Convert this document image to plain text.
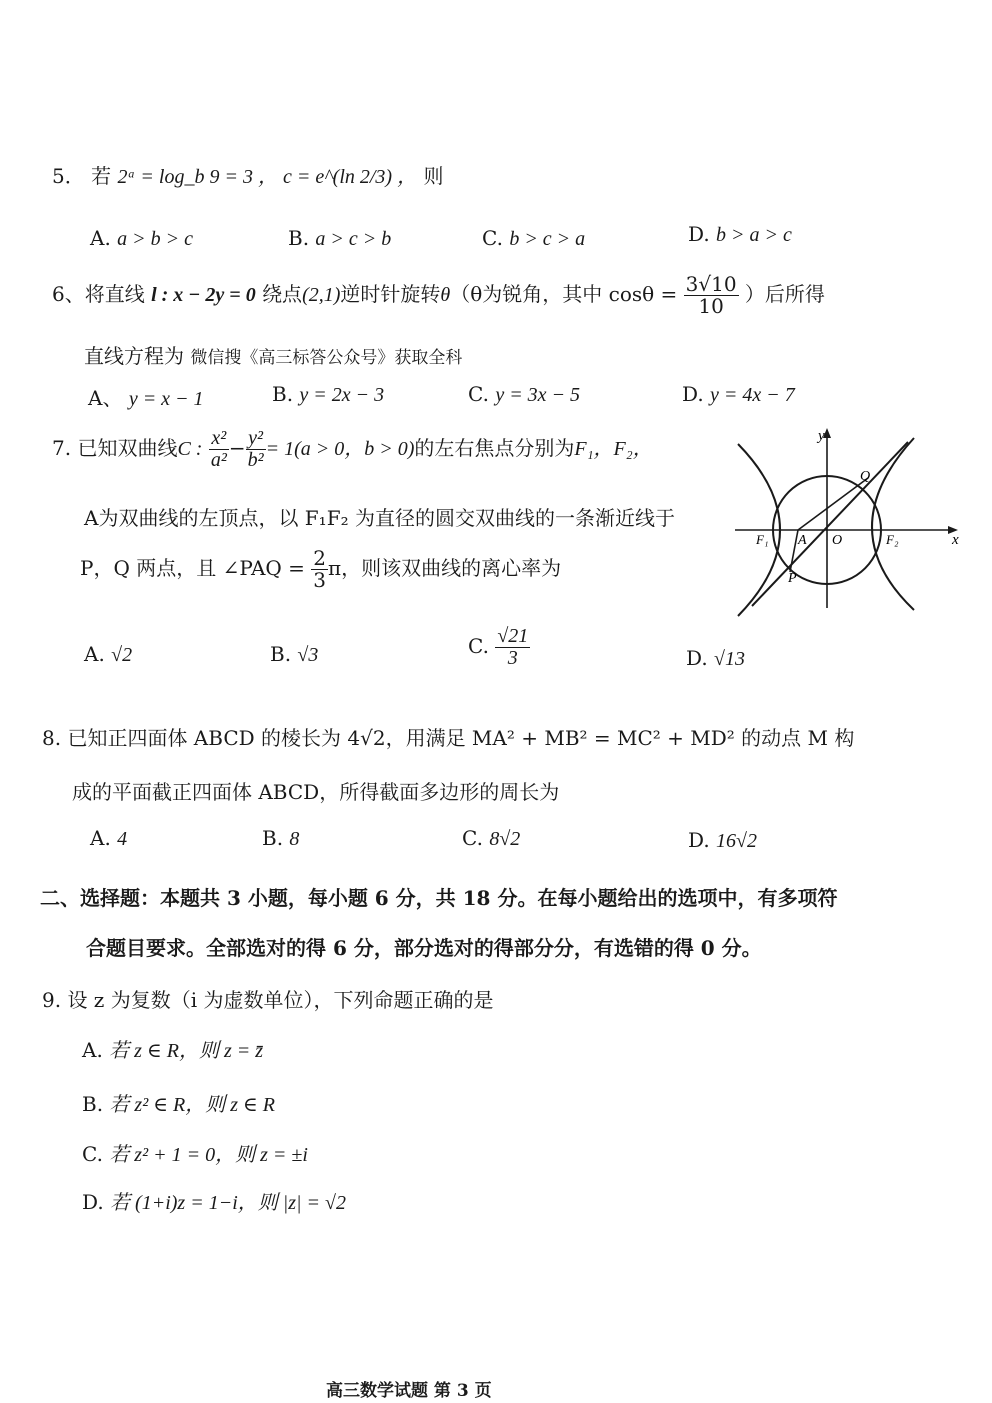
5． 若 2ᵃ = log_b 9 = 3 ， c = e^(ln 2/3) ， 则
A. a > b > c	B. a > c > b	C. b > c > a	D. b > a > c
6、将直线 l : x − 2y = 0 绕点(2,1)逆时针旋转θ（θ为锐角，其中 $\cos\theta = \frac{3√10}{10}$ ）后所得
直线方程为 微信搜《高三标答公众号》获取全科
A、 y = x − 1	B. y = 2x − 3	C. y = 3x − 5	D. y = 4x − 7
7. 已知双曲线C : $\frac{\text{x²}}{\text{a²}} - \frac{\text{y²}}{\text{b²}} = 1(a > 0$，b > 0)的左右焦点分别为F₁，F₂，
A为双曲线的左顶点，以 F₁F₂ 为直径的圆交双曲线的一条渐近线于
P，Q 两点，且 ∠PAQ = $\frac{2}{3}$ π，则该双曲线的离心率为
A. √2	B. √3	C. $\frac{√21}{3}$	D. √13
y
x
Q
P
F₁ A O	F₂
8. 已知正四面体 ABCD 的棱长为 4√2，用满足 MA² + MB² = MC² + MD² 的动点 M 构
成的平面截正四面体 ABCD，所得截面多边形的周长为
A. 4	B. 8	C. 8√2	D. 16√2
二、选择题：本题共 3 小题，每小题 6 分，共 18 分。在每小题给出的选项中，有多项符
合题目要求。全部选对的得 6 分，部分选对的得部分分，有选错的得 0 分。
9. 设 z 为复数（i 为虚数单位），下列命题正确的是
A. 若 z ∈ R，则 z = z̄
B. 若 z² ∈ R，则 z ∈ R
C. 若 z² + 1 = 0，则 z = ±i
D. 若 (1+i)z = 1−i，则 |z| = √2
高三数学试题 第 3 页
